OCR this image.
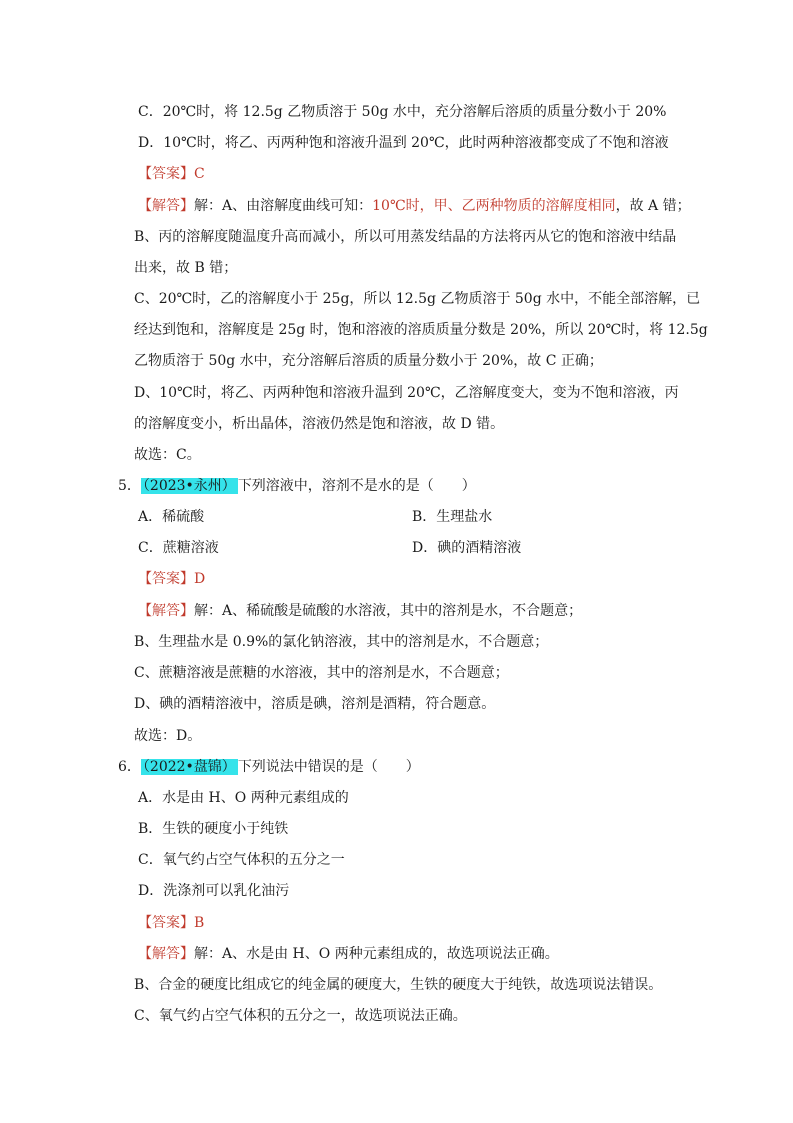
C．20℃时，将 12.5g 乙物质溶于 50g 水中，充分溶解后溶质的质量分数小于 20%
D．10℃时，将乙、丙两种饱和溶液升温到 20℃，此时两种溶液都变成了不饱和溶液
【答案】C
【解答】解：A、由溶解度曲线可知：10℃时，甲、乙两种物质的溶解度相同，故 A 错；
B、丙的溶解度随温度升高而减小，所以可用蒸发结晶的方法将丙从它的饱和溶液中结晶
出来，故 B 错；
C、20℃时，乙的溶解度小于 25g，所以 12.5g 乙物质溶于 50g 水中，不能全部溶解，已
经达到饱和，溶解度是 25g 时，饱和溶液的溶质质量分数是 20%，所以 20℃时，将 12.5g
乙物质溶于 50g 水中，充分溶解后溶质的质量分数小于 20%，故 C 正确；
D、10℃时，将乙、丙两种饱和溶液升温到 20℃，乙溶解度变大，变为不饱和溶液，丙
的溶解度变小，析出晶体，溶液仍然是饱和溶液，故 D 错。
故选：C。
5． （2023•永州） 下列溶液中，溶剂不是水的是（　　）
A．稀硫酸	B．生理盐水
C．蔗糖溶液	D．碘的酒精溶液
【答案】D
【解答】解：A、稀硫酸是硫酸的水溶液，其中的溶剂是水，不合题意；
B、生理盐水是 0.9%的氯化钠溶液，其中的溶剂是水，不合题意；
C、蔗糖溶液是蔗糖的水溶液，其中的溶剂是水，不合题意；
D、碘的酒精溶液中，溶质是碘，溶剂是酒精，符合题意。
故选：D。
6． （2022•盘锦） 下列说法中错误的是（　　）
A．水是由 H、O 两种元素组成的
B．生铁的硬度小于纯铁
C．氧气约占空气体积的五分之一
D．洗涤剂可以乳化油污
【答案】B
【解答】解：A、水是由 H、O 两种元素组成的，故选项说法正确。
B、合金的硬度比组成它的纯金属的硬度大，生铁的硬度大于纯铁，故选项说法错误。
C、氧气约占空气体积的五分之一，故选项说法正确。
